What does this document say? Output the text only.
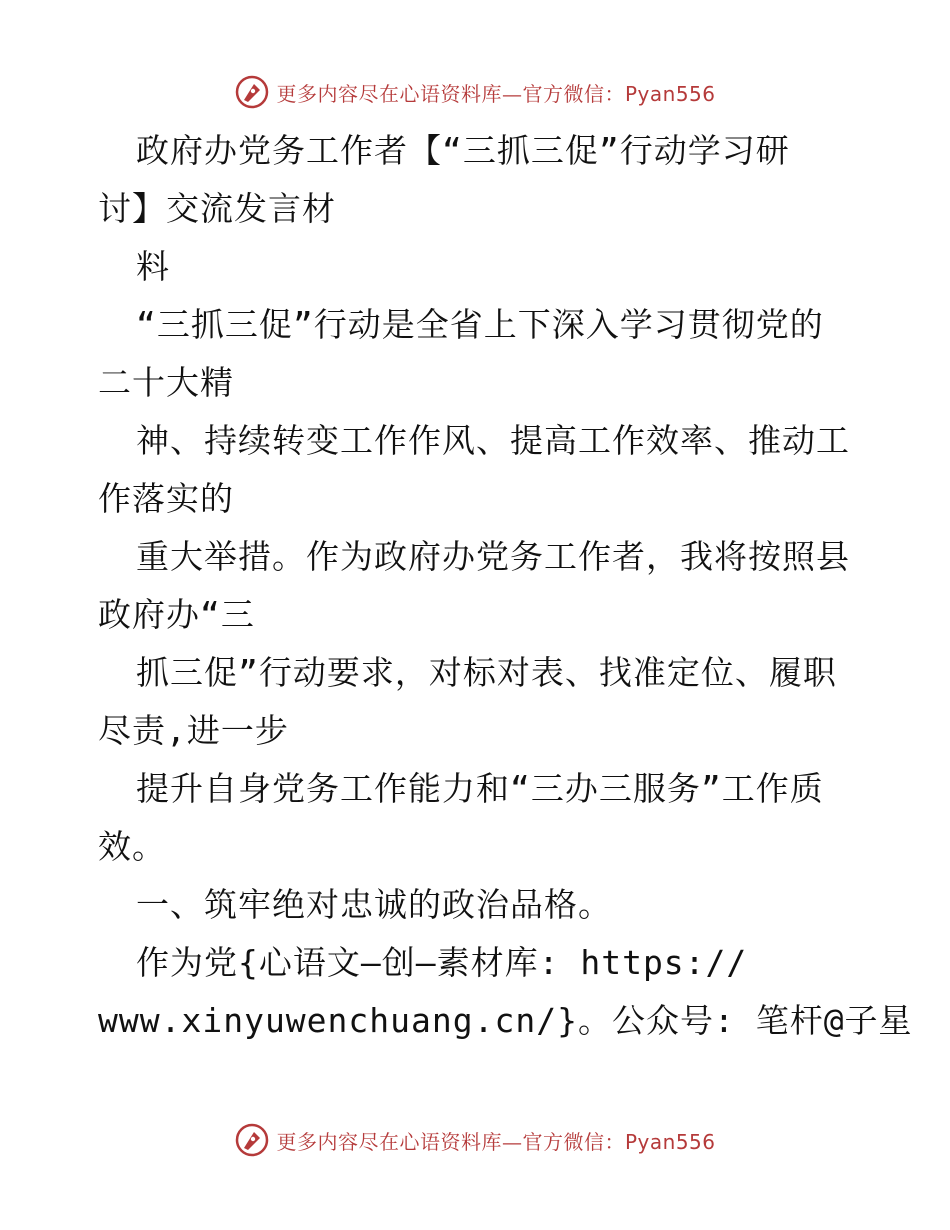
更多内容尽在心语资料库—官方微信：Pyan556
政府办党务工作者【“三抓三促”行动学习研
讨】交流发言材
料
“三抓三促”行动是全省上下深入学习贯彻党的
二十大精
神、持续转变工作作风、提高工作效率、推动工
作落实的
重大举措。作为政府办党务工作者，我将按照县
政府办“三
抓三促”行动要求，对标对表、找准定位、履职
尽责,进一步
提升自身党务工作能力和“三办三服务”工作质
效。
一、筑牢绝对忠诚的政治品格。
作为党{心语文—创—素材库: https://
www.xinyuwenchuang.cn/}。公众号: 笔杆@子星
更多内容尽在心语资料库—官方微信：Pyan556
